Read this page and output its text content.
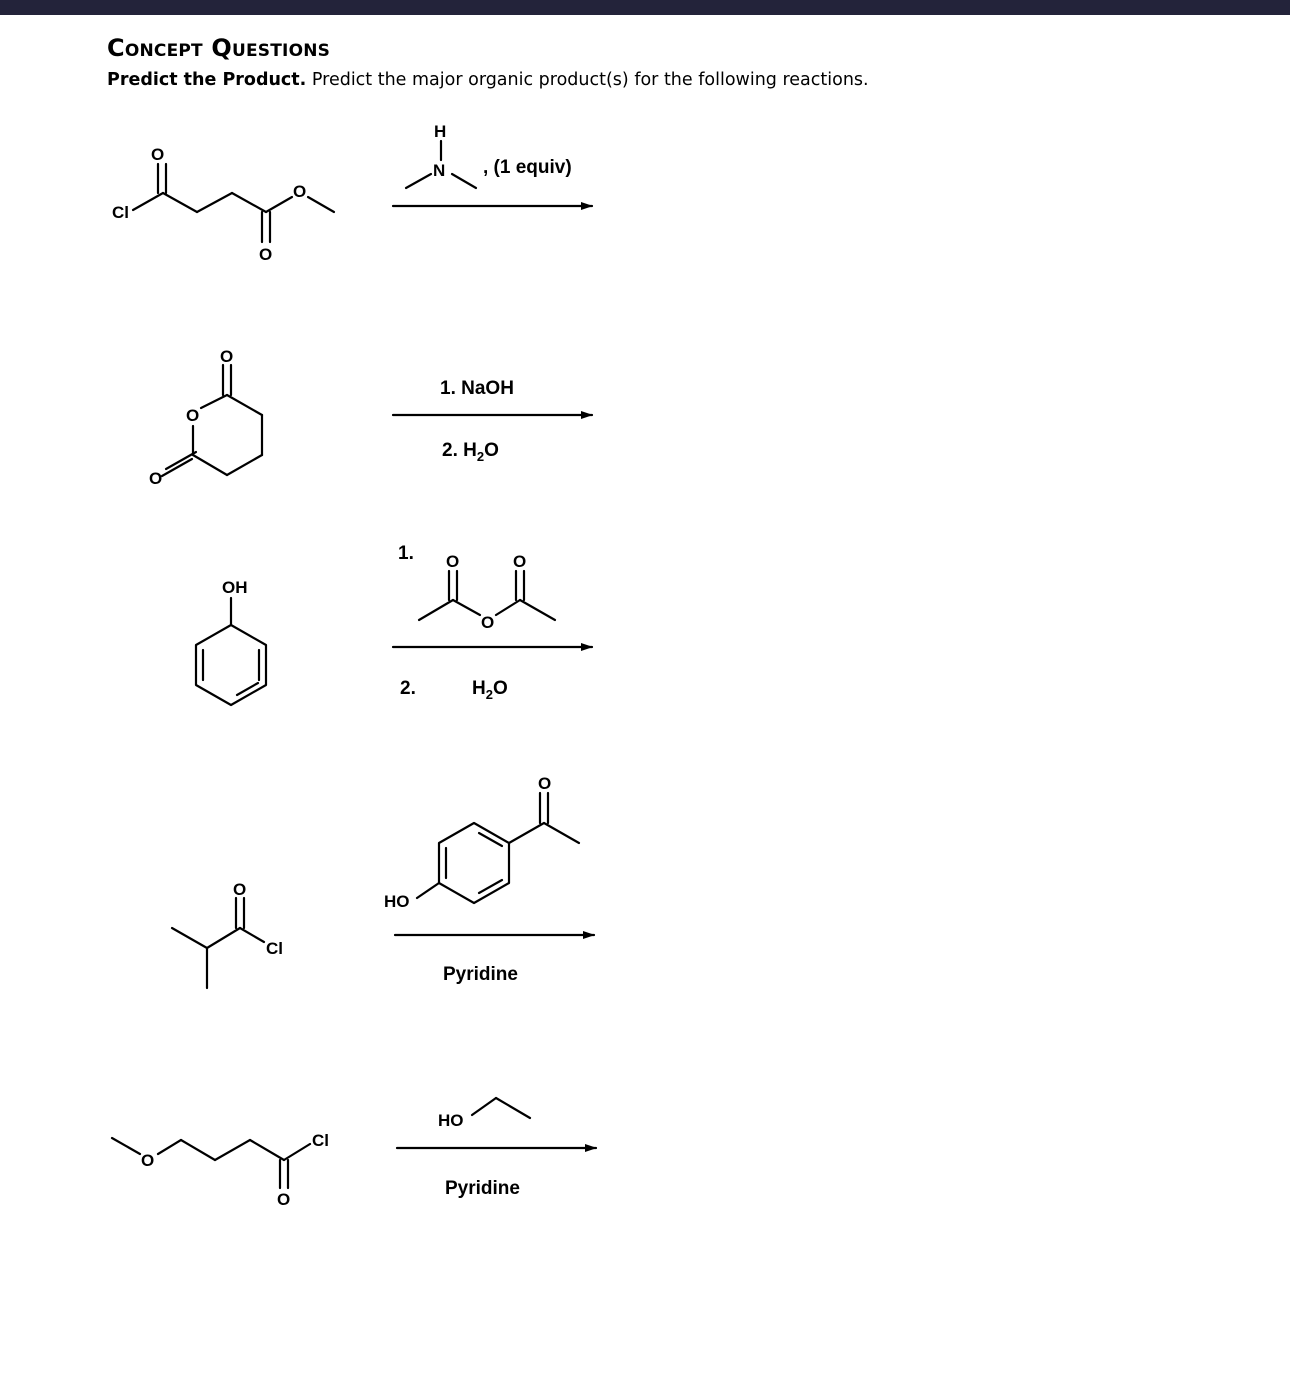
Concept Questions
Predict the Product. Predict the major organic product(s) for the following reactions.
Cl
O
O
O
H
N , (1 equiv)
O
O
O
1. NaOH
2. $H_2O$
OH
1. O	O
O
2.	$H_2O$
O
Cl
HO
O
Pyridine
O
Cl
O
HO
Pyridine
